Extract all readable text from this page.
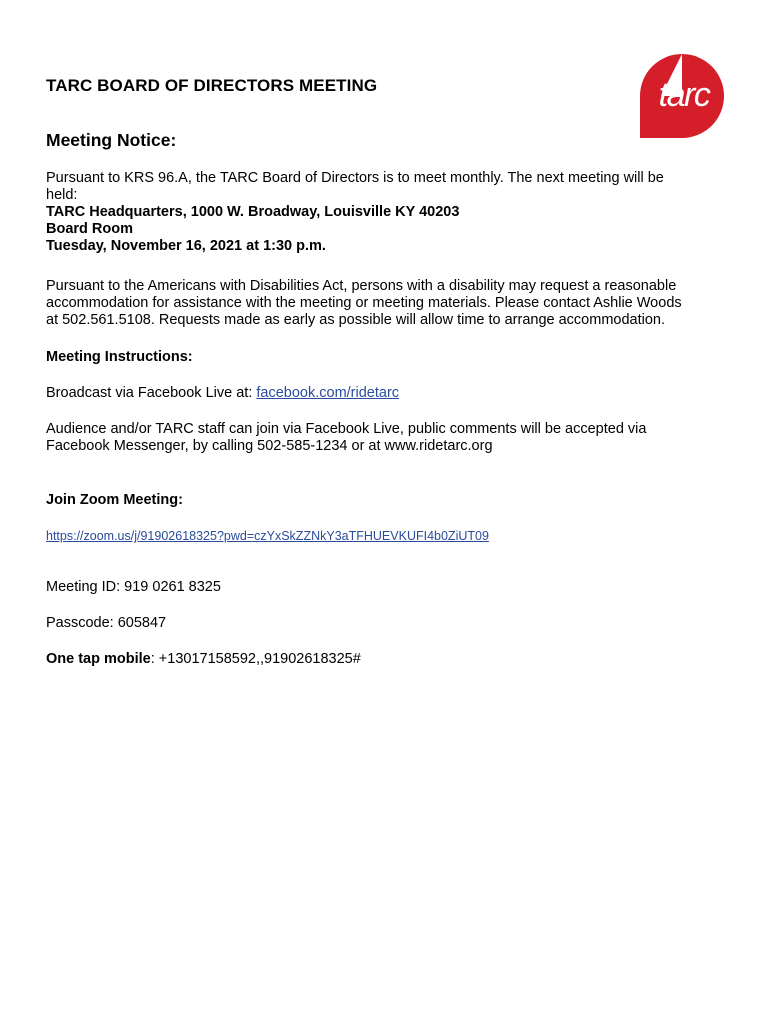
tarc
TARC BOARD OF DIRECTORS MEETING
Meeting Notice:
Pursuant to KRS 96.A, the TARC Board of Directors is to meet monthly. The next meeting will be
held:
TARC Headquarters, 1000 W. Broadway, Louisville KY 40203
Board Room
Tuesday, November 16, 2021 at 1:30 p.m.
Pursuant to the Americans with Disabilities Act, persons with a disability may request a reasonable
accommodation for assistance with the meeting or meeting materials. Please contact Ashlie Woods
at 502.561.5108. Requests made as early as possible will allow time to arrange accommodation.
Meeting Instructions:
Broadcast via Facebook Live at: facebook.com/ridetarc
Audience and/or TARC staff can join via Facebook Live, public comments will be accepted via
Facebook Messenger, by calling 502-585-1234 or at www.ridetarc.org
Join Zoom Meeting:
https://zoom.us/j/91902618325?pwd=czYxSkZZNkY3aTFHUEVKUFI4b0ZiUT09
Meeting ID: 919 0261 8325
Passcode: 605847
One tap mobile: +13017158592,,91902618325#
